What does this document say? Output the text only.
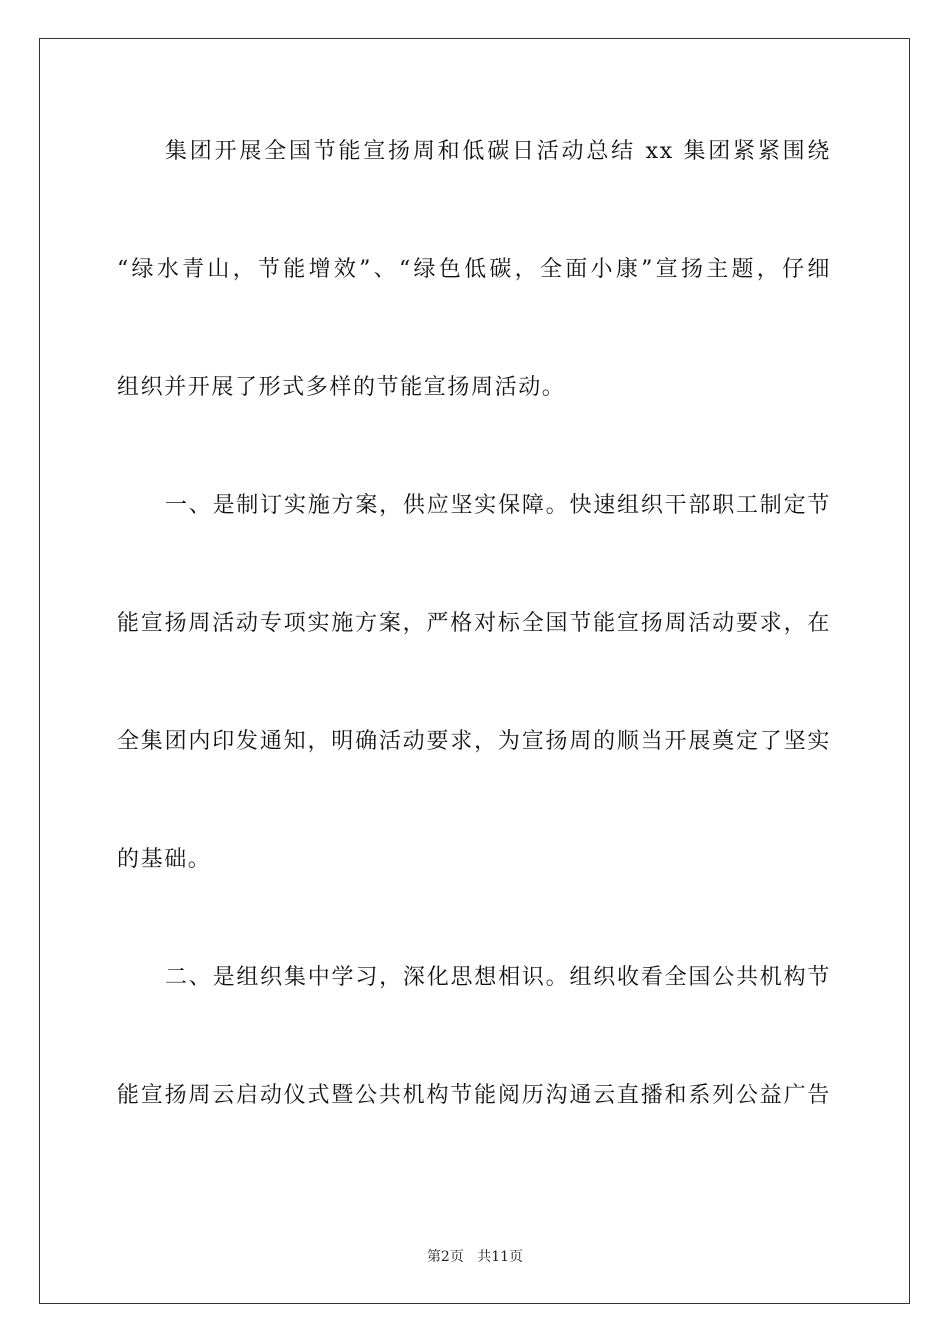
集团开展全国节能宣扬周和低碳日活动总结 xx 集团紧紧围绕
“绿水青山，节能增效”、“绿色低碳，全面小康”宣扬主题，仔细
组织并开展了形式多样的节能宣扬周活动。
一、是制订实施方案，供应坚实保障。快速组织干部职工制定节
能宣扬周活动专项实施方案，严格对标全国节能宣扬周活动要求，在
全集团内印发通知，明确活动要求，为宣扬周的顺当开展奠定了坚实
的基础。
二、是组织集中学习，深化思想相识。组织收看全国公共机构节
能宣扬周云启动仪式暨公共机构节能阅历沟通云直播和系列公益广告
第2页 共11页
